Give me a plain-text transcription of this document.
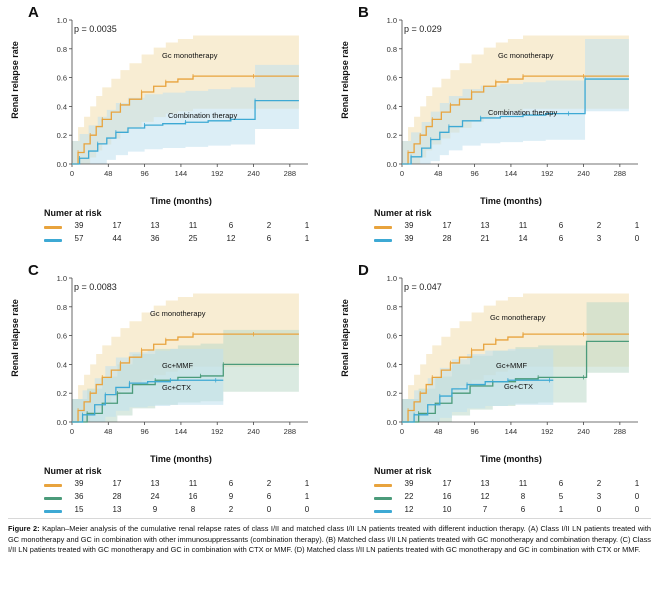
A
p = 0.0035
Renal relapse rate
Time (months)
0.0
0.2
0.4
0.6
0.8
1.0
0	48	96	144	192	240	288
Gc monotherapy
Combination therapy
Numer at risk
39	17	13	11	6	2	1
57	44	36	25	12	6	1
B
p = 0.029
Renal relapse rate
Time (months)
0.0
0.2
0.4
0.6
0.8
1.0
0	48	96	144	192	240	288
Gc monotherapy
Combination therapy
Numer at risk
39	17	13	11	6	2	1
39	28	21	14	6	3	0
C
p = 0.0083
Renal relapse rate
Time (months)
0.0
0.2
0.4
0.6
0.8
1.0
0	48	96	144	192	240	288
Gc monotherapy
Gc+MMF
Gc+CTX
Numer at risk
39	17	13	11	6	2	1
36	28	24	16	9	6	1
15	13	9	8	2	0	0
D
p = 0.047
Renal relapse rate
Time (months)
0.0
0.2
0.4
0.6
0.8
1.0
0	48	96	144	192	240	288
Gc monotherapy
Gc+MMF
Gc+CTX
Numer at risk
39	17	13	11	6	2	1
22	16	12	8	5	3	0
12	10	7	6	1	0	0
Figure 2: Kaplan–Meier analysis of the cumulative renal relapse rates of class I/II and matched class I/II LN patients treated with different induction therapy. (A) Class I/II LN patients treated with GC monotherapy and GC in combination with other immunosuppressants (combination therapy). (B) Matched class I/II LN patients treated with GC monotherapy and combination therapy. (C) Class I/II LN patients treated with GC monotherapy and GC in combination with CTX or MMF. (D) Matched class I/II LN patients treated with GC monotherapy and GC in combination with CTX or MMF.
